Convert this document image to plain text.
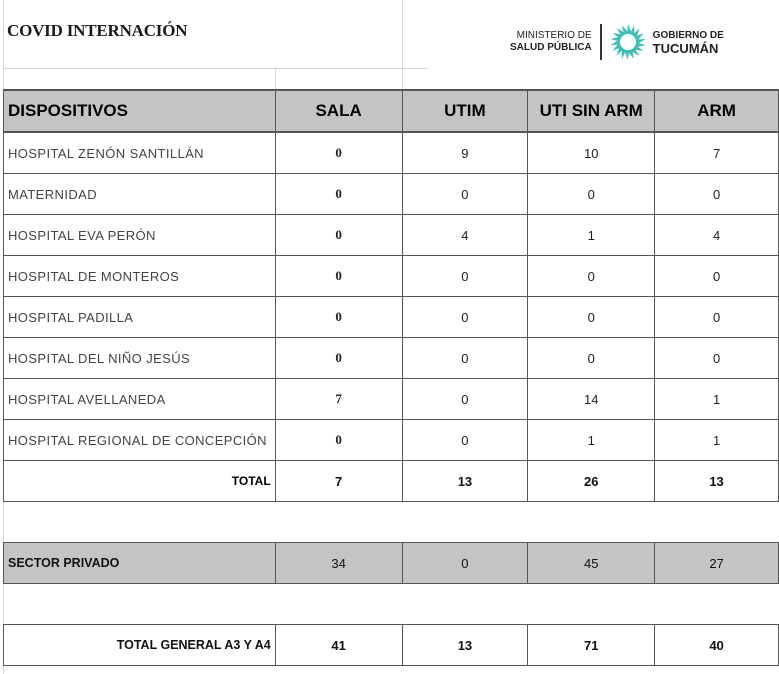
COVID INTERNACIÓN	MINISTERIO DE
SALUD PÚBLICA
GOBIERNO DE
TUCUMÁN
DISPOSITIVOS	SALA	UTIM	UTI SIN ARM	ARM
HOSPITAL ZENÓN SANTILLÁN	0	9	10	7
MATERNIDAD	0	0	0	0
HOSPITAL EVA PERÓN	0	4	1	4
HOSPITAL DE MONTEROS	0	0	0	0
HOSPITAL PADILLA	0	0	0	0
HOSPITAL DEL NIÑO JESÚS	0	0	0	0
HOSPITAL AVELLANEDA	7	0	14	1
HOSPITAL REGIONAL DE CONCEPCIÓN	0	0	1	1
TOTAL	7	13	26	13

SECTOR PRIVADO	34	0	45	27

TOTAL GENERAL A3 Y A4	41	13	71	40
